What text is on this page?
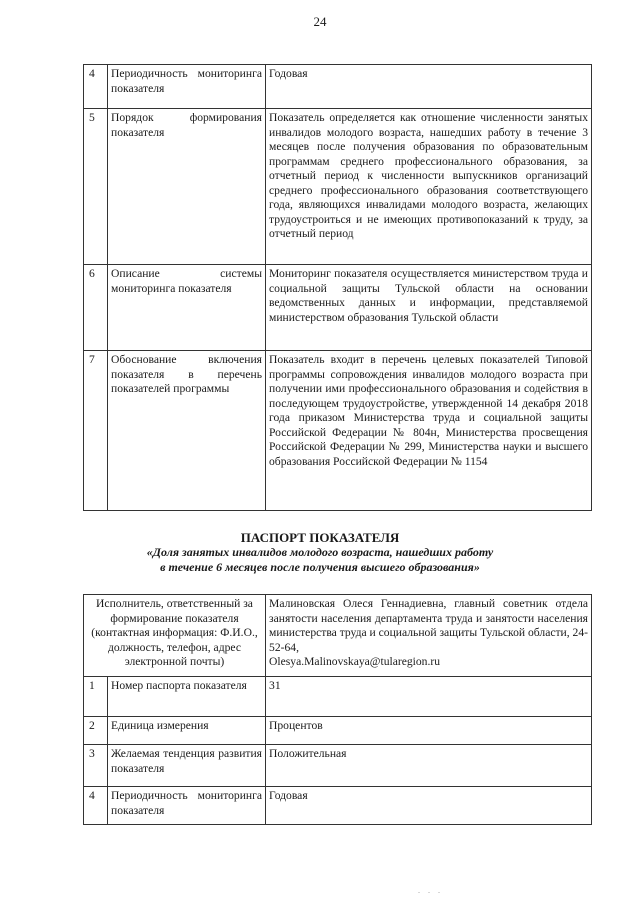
24
4	Периодичность мониторинга показателя	Годовая
5	Порядок формирования показателя	Показатель определяется как отношение численности занятых инвалидов молодого возраста, нашедших работу в течение 3 месяцев после получения образования по образовательным программам среднего профессионального образования, за отчетный период к численности выпускников организаций среднего профессионального образования соответствующего года, являющихся инвалидами молодого возраста, желающих трудоустроиться и не имеющих противопоказаний к труду, за отчетный период
6	Описание системы мониторинга показателя	Мониторинг показателя осуществляется министерством труда и социальной защиты Тульской области на основании ведомственных данных и информации, представляемой министерством образования Тульской области
7	Обоснование включения показателя в перечень показателей программы	Показатель входит в перечень целевых показателей Типовой программы сопровождения инвалидов молодого возраста при получении ими профессионального образования и содействия в последующем трудоустройстве, утвержденной 14 декабря 2018 года приказом Министерства труда и социальной защиты Российской Федерации № 804н, Министерства просвещения Российской Федерации № 299, Министерства науки и высшего образования Российской Федерации № 1154
ПАСПОРТ ПОКАЗАТЕЛЯ
«Доля занятых инвалидов молодого возраста, нашедших работу
в течение 6 месяцев после получения высшего образования»
Исполнитель, ответственный за формирование показателя (контактная информация: Ф.И.О., должность, телефон, адрес электронной почты)		Малиновская Олеся Геннадиевна, главный советник отдела занятости населения департамента труда и занятости населения министерства труда и социальной защиты Тульской области, 24-52-64,
Olesya.Malinovskaya@tularegion.ru
1	Номер паспорта показателя	31
2	Единица измерения	Процентов
3	Желаемая тенденция развития показателя	Положительная
4	Периодичность мониторинга показателя	Годовая
. . .
